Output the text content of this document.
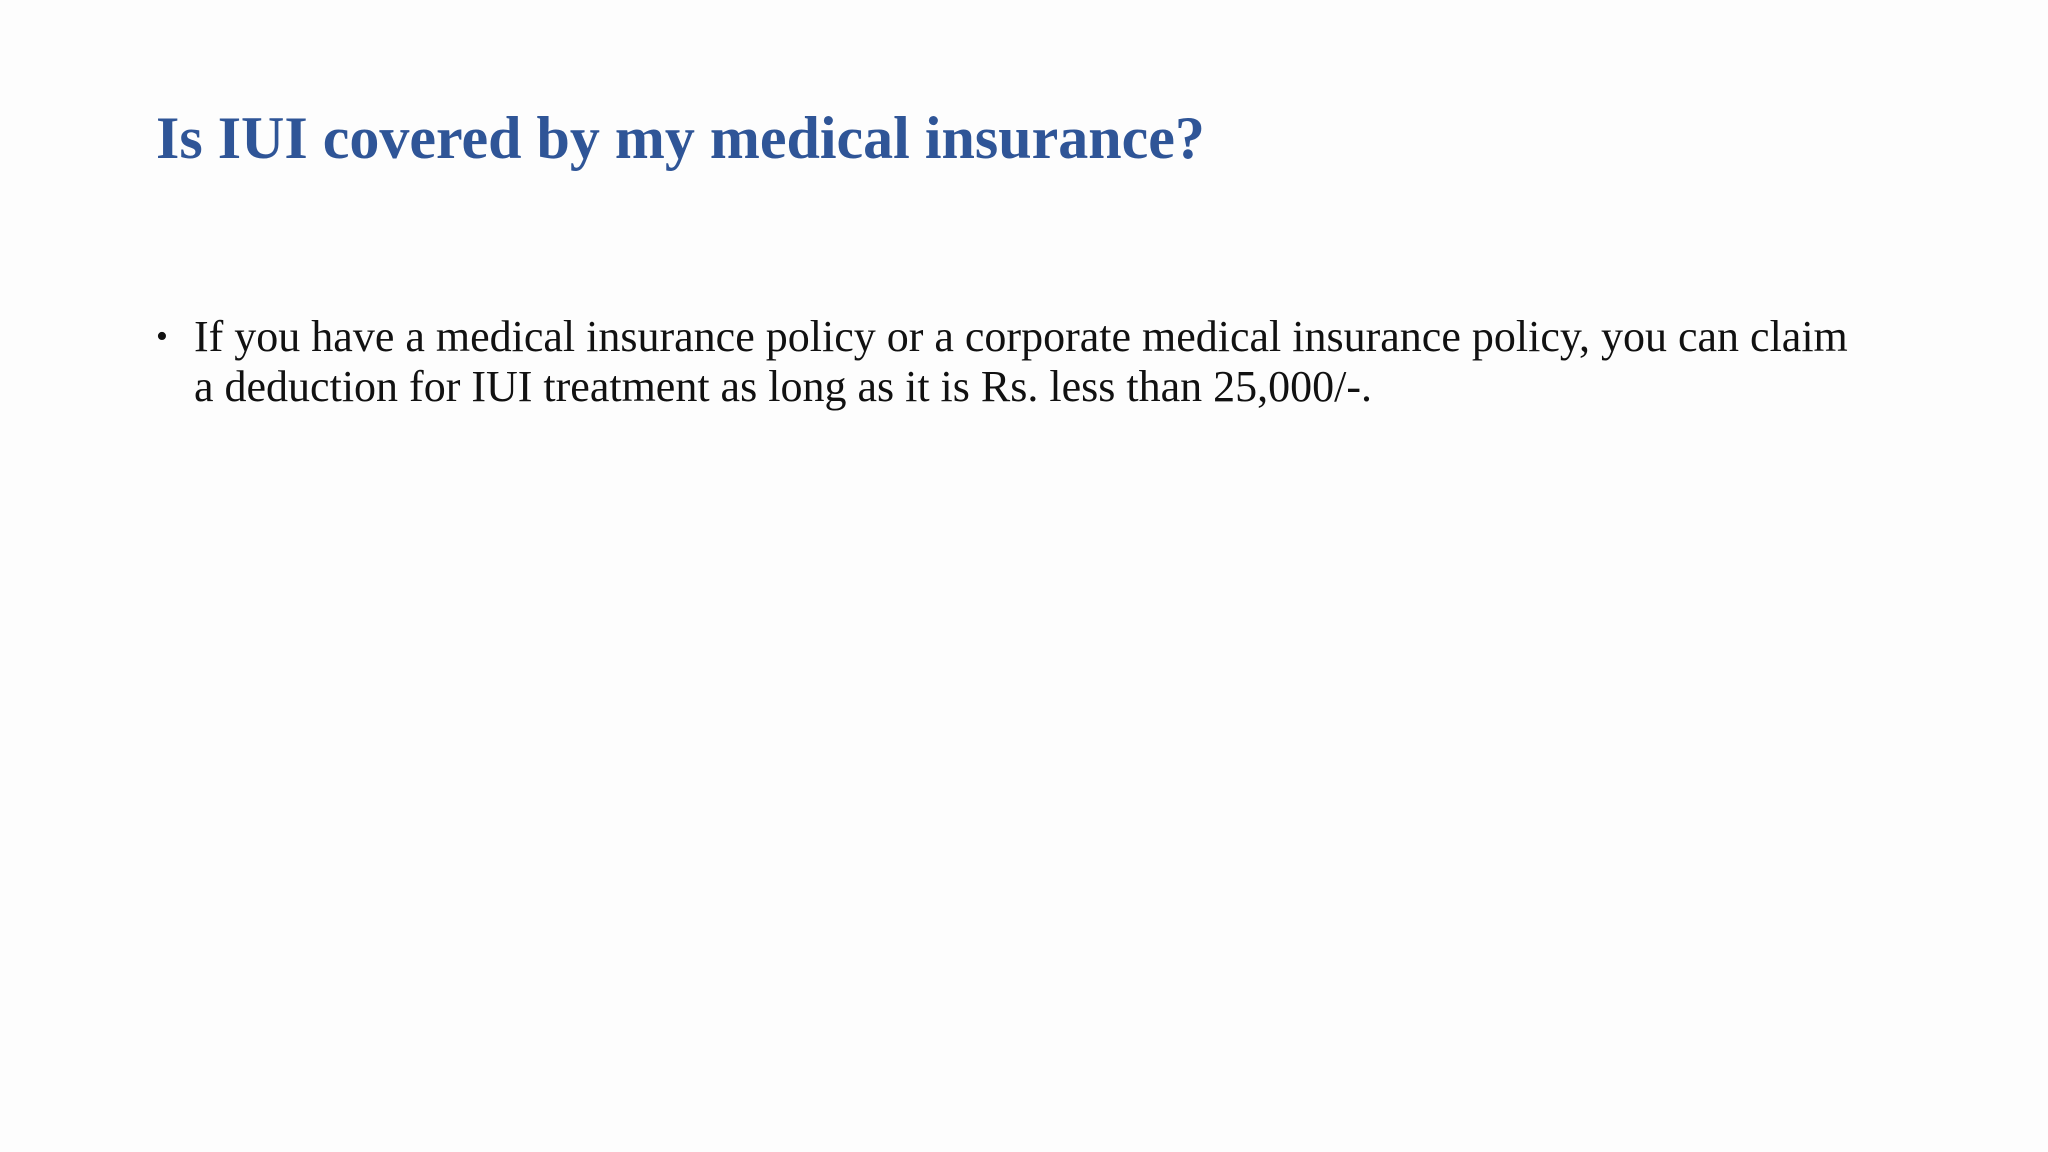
Is IUI covered by my medical insurance?
• If you have a medical insurance policy or a corporate medical insurance policy, you can claim a deduction for IUI treatment as long as it is Rs. less than 25,000/-.
